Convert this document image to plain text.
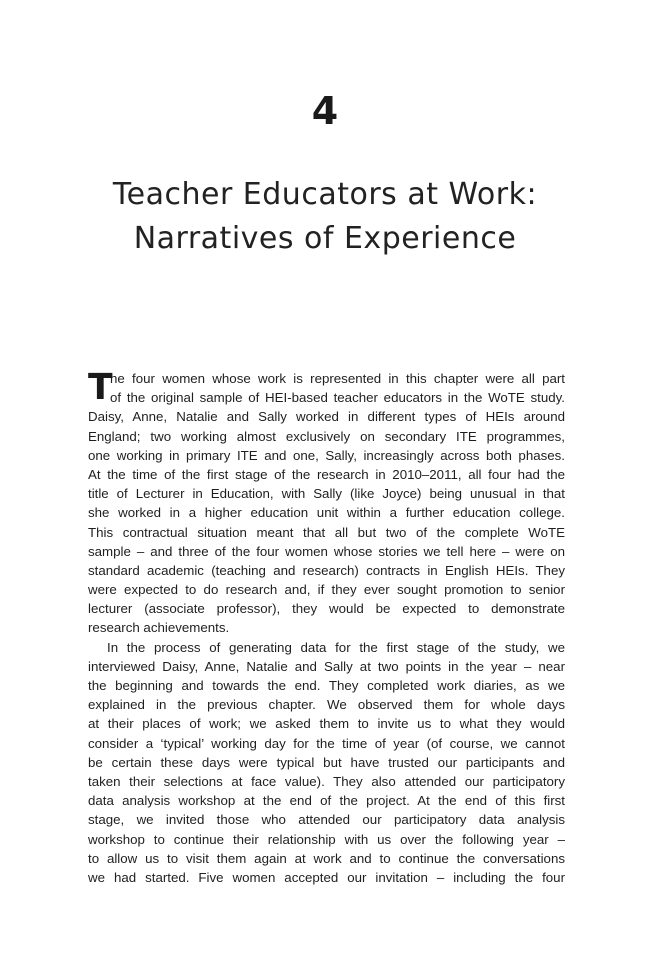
4
Teacher Educators at Work:
Narratives of Experience
T
he four women whose work is represented in this chapter were all part
of the original sample of HEI-based teacher educators in the WoTE study.
Daisy, Anne, Natalie and Sally worked in different types of HEIs around
England; two working almost exclusively on secondary ITE programmes,
one working in primary ITE and one, Sally, increasingly across both phases.
At the time of the first stage of the research in 2010–2011, all four had the
title of Lecturer in Education, with Sally (like Joyce) being unusual in that
she worked in a higher education unit within a further education college.
This contractual situation meant that all but two of the complete WoTE
sample – and three of the four women whose stories we tell here – were on
standard academic (teaching and research) contracts in English HEIs. They
were expected to do research and, if they ever sought promotion to senior
lecturer (associate professor), they would be expected to demonstrate
research achievements.
In the process of generating data for the first stage of the study, we
interviewed Daisy, Anne, Natalie and Sally at two points in the year – near
the beginning and towards the end. They completed work diaries, as we
explained in the previous chapter. We observed them for whole days
at their places of work; we asked them to invite us to what they would
consider a ‘typical’ working day for the time of year (of course, we cannot
be certain these days were typical but have trusted our participants and
taken their selections at face value). They also attended our participatory
data analysis workshop at the end of the project. At the end of this first
stage, we invited those who attended our participatory data analysis
workshop to continue their relationship with us over the following year –
to allow us to visit them again at work and to continue the conversations
we had started. Five women accepted our invitation – including the four
